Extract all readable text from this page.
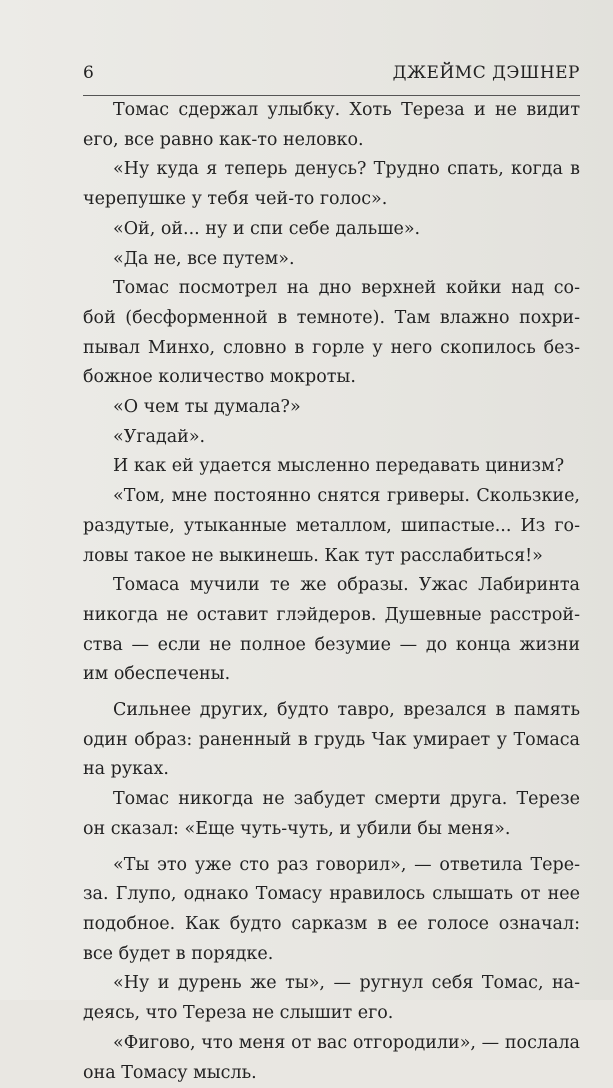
6	ДЖЕЙМС ДЭШНЕР
Томас сдержал улыбку. Хоть Тереза и не видит
его, все равно как-то неловко.
«Ну куда я теперь денусь? Трудно спать, когда в
черепушке у тебя чей-то голос».
«Ой, ой... ну и спи себе дальше».
«Да не, все путем».
Томас посмотрел на дно верхней койки над со-
бой (бесформенной в темноте). Там влажно похри-
пывал Минхо, словно в горле у него скопилось без-
божное количество мокроты.
«О чем ты думала?»
«Угадай».
И как ей удается мысленно передавать цинизм?
«Том, мне постоянно снятся гриверы. Скользкие,
раздутые, утыканные металлом, шипастые... Из го-
ловы такое не выкинешь. Как тут расслабиться!»
Томаса мучили те же образы. Ужас Лабиринта
никогда не оставит глэйдеров. Душевные расстрой-
ства — если не полное безумие — до конца жизни
им обеспечены.
Сильнее других, будто тавро, врезался в память
один образ: раненный в грудь Чак умирает у Томаса
на руках.
Томас никогда не забудет смерти друга. Терезе
он сказал: «Еще чуть-чуть, и убили бы меня».
«Ты это уже сто раз говорил», — ответила Тере-
за. Глупо, однако Томасу нравилось слышать от нее
подобное. Как будто сарказм в ее голосе означал:
все будет в порядке.
«Ну и дурень же ты», — ругнул себя Томас, на-
деясь, что Тереза не слышит его.
«Фигово, что меня от вас отгородили», — послала
она Томасу мысль.
